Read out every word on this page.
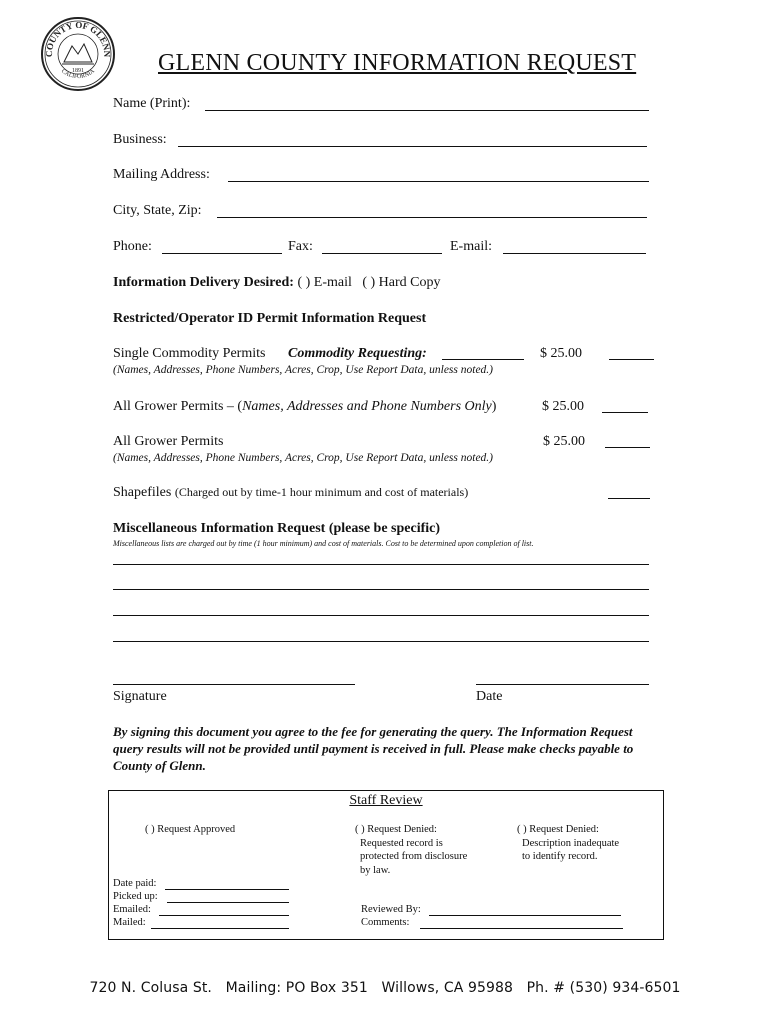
COUNTY OF GLENN
CALIFORNIA
1891	GLENN COUNTY INFORMATION REQUEST
Name (Print):
Business:
Mailing Address:
City, State, Zip:
Phone:	Fax:	E-mail:
Information Delivery Desired: ( ) E-mail   ( ) Hard Copy
Restricted/Operator ID Permit Information Request
Single Commodity Permits Commodity Requesting:	$ 25.00
(Names, Addresses, Phone Numbers, Acres, Crop, Use Report Data, unless noted.)
All Grower Permits – (Names, Addresses and Phone Numbers Only)	$ 25.00
All Grower Permits	$ 25.00
(Names, Addresses, Phone Numbers, Acres, Crop, Use Report Data, unless noted.)
Shapefiles (Charged out by time-1 hour minimum and cost of materials)
Miscellaneous Information Request (please be specific)
Miscellaneous lists are charged out by time (1 hour minimum) and cost of materials. Cost to be determined upon completion of list.
Signature	Date
By signing this document you agree to the fee for generating the query. The Information Request query results will not be provided until payment is received in full. Please make checks payable to County of Glenn.
Staff Review
( ) Request Approved	( ) Request Denied:
Requested record is
protected from disclosure
by law.
( ) Request Denied:
Description inadequate
to identify record.
Date paid:
Picked up:
Emailed:
Mailed:
Reviewed By:
Comments:
720 N. Colusa St.   Mailing: PO Box 351   Willows, CA 95988   Ph. # (530) 934-6501
